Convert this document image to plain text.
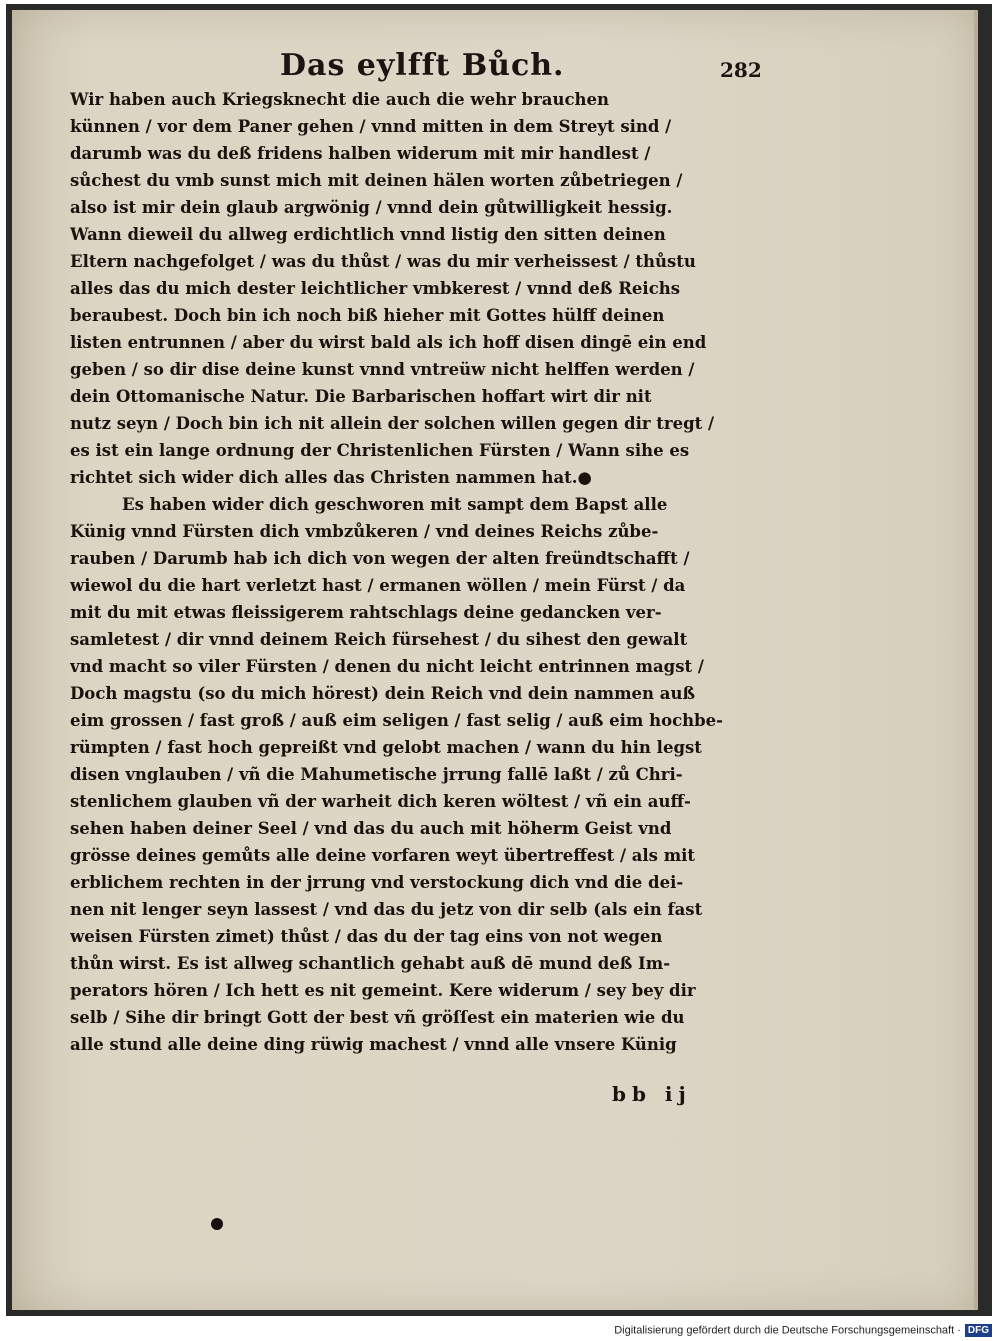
Das eylfft Bůch.	282
Wir haben auch Kriegsknecht die auch die wehr brauchen
künnen / vor dem Paner gehen / vnnd mitten in dem Streyt sind /
darumb was du deß fridens halben widerum mit mir handlest /
sůchest du vmb sunst mich mit deinen hälen worten zůbetriegen /
also ist mir dein glaub argwönig / vnnd dein gůtwilligkeit hessig.
Wann dieweil du allweg erdichtlich vnnd listig den sitten deinen
Eltern nachgefolget / was du thůst / was du mir verheissest / thůstu
alles das du mich dester leichtlicher vmbkerest / vnnd deß Reichs
beraubest. Doch bin ich noch biß hieher mit Gottes hülff deinen
listen entrunnen / aber du wirst bald als ich hoff disen dingē ein end
geben / so dir dise deine kunst vnnd vntreüw nicht helffen werden /
dein Ottomanische Natur. Die Barbarischen hoffart wirt dir nit
nutz seyn / Doch bin ich nit allein der solchen willen gegen dir tregt /
es ist ein lange ordnung der Christenlichen Fürsten / Wann sihe es
richtet sich wider dich alles das Christen nammen hat.●
Es haben wider dich geschworen mit sampt dem Bapst alle
Künig vnnd Fürsten dich vmbzůkeren / vnd deines Reichs zůbe-
rauben / Darumb hab ich dich von wegen der alten freündtschafft /
wiewol du die hart verletzt hast / ermanen wöllen / mein Fürst / da
mit du mit etwas fleissigerem rahtschlags deine gedancken ver-
samletest / dir vnnd deinem Reich fürsehest / du sihest den gewalt
vnd macht so viler Fürsten / denen du nicht leicht entrinnen magst /
Doch magstu (so du mich hörest) dein Reich vnd dein nammen auß
eim grossen / fast groß / auß eim seligen / fast selig / auß eim hochbe-
rümpten / fast hoch gepreißt vnd gelobt machen / wann du hin legst
disen vnglauben / vñ die Mahumetische jrrung fallē laßt / zů Chri-
stenlichem glauben vñ der warheit dich keren wöltest / vñ ein auff-
sehen haben deiner Seel / vnd das du auch mit höherm Geist vnd
grösse deines gemůts alle deine vorfaren weyt übertreffest / als mit
erblichem rechten in der jrrung vnd verstockung dich vnd die dei-
nen nit lenger seyn lassest / vnd das du jetz von dir selb (als ein fast
weisen Fürsten zimet) thůst / das du der tag eins von not wegen
thůn wirst. Es ist allweg schantlich gehabt auß dē mund deß Im-
perators hören / Ich hett es nit gemeint. Kere widerum / sey bey dir
selb / Sihe dir bringt Gott der best vñ gröſſest ein materien wie du
alle stund alle deine ding rüwig machest / vnnd alle vnsere Künig
bb ij
Digitalisierung gefördert durch die Deutsche Forschungsgemeinschaft · DFG
